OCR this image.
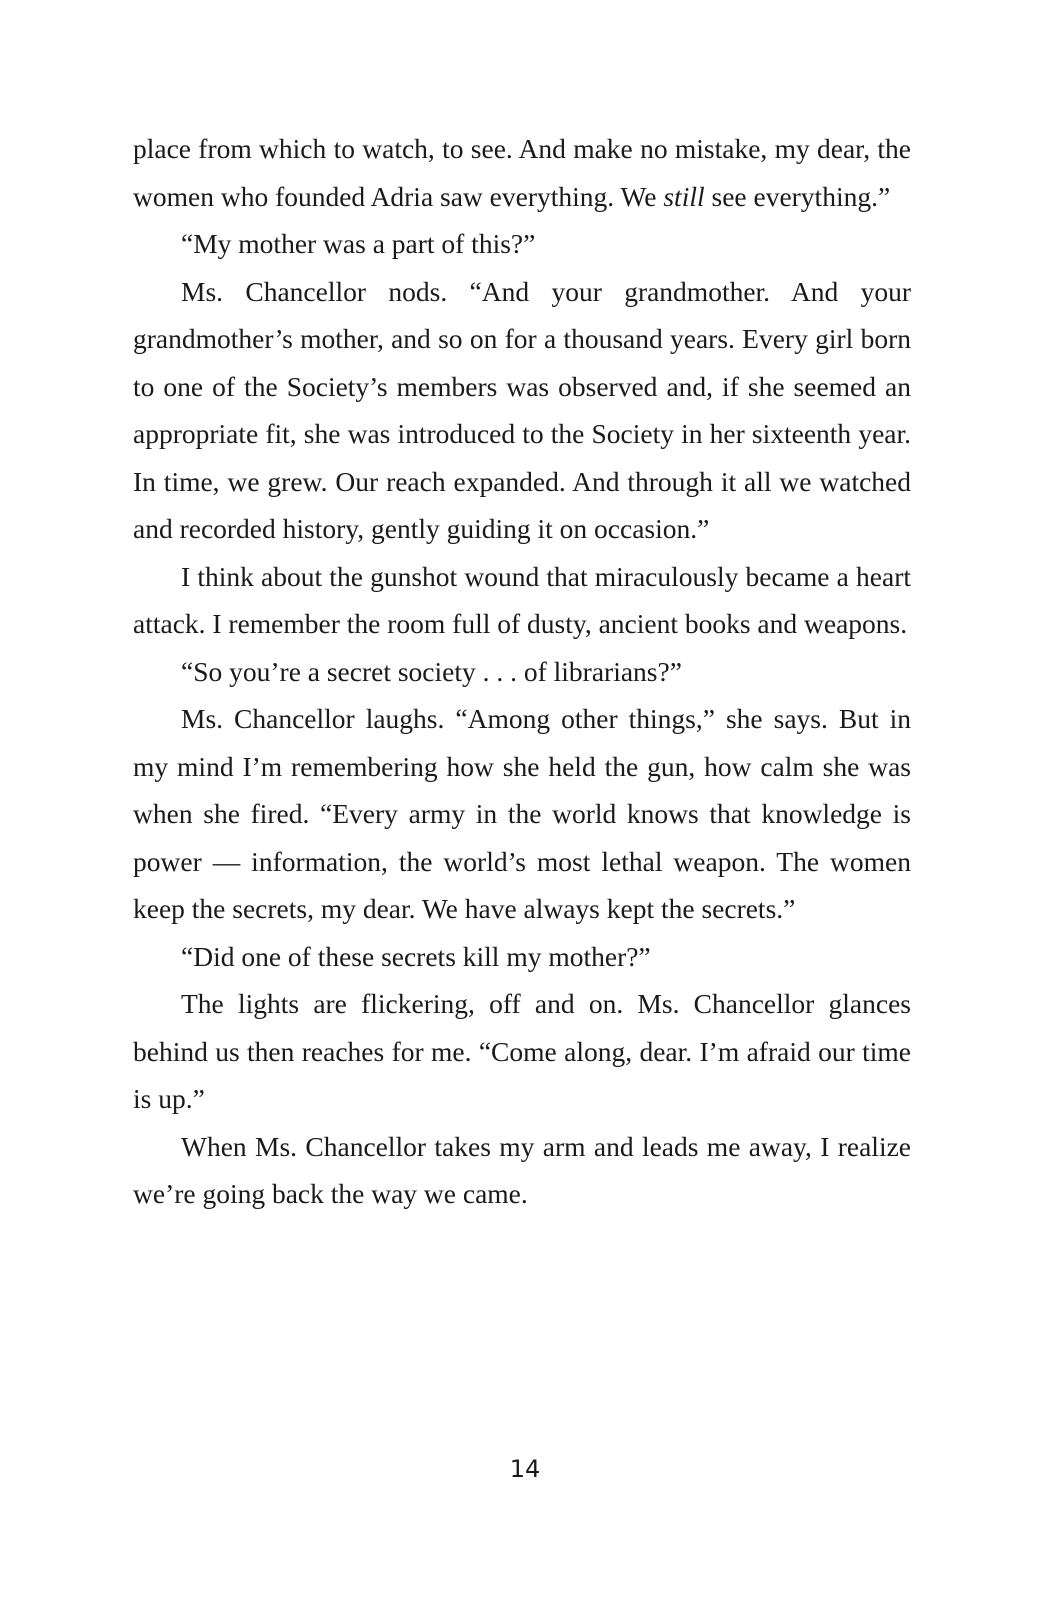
place from which to watch, to see. And make no mistake, my dear, the women who founded Adria saw everything. We still see everything.”

“My mother was a part of this?”

Ms. Chancellor nods. “And your grandmother. And your grandmother’s mother, and so on for a thousand years. Every girl born to one of the Society’s members was observed and, if she seemed an appropriate fit, she was introduced to the Society in her sixteenth year. In time, we grew. Our reach expanded. And through it all we watched and recorded history, gently guiding it on occasion.”

I think about the gunshot wound that miraculously became a heart attack. I remember the room full of dusty, ancient books and weapons.

“So you’re a secret society . . . of librarians?”

Ms. Chancellor laughs. “Among other things,” she says. But in my mind I’m remembering how she held the gun, how calm she was when she fired. “Every army in the world knows that knowledge is power — information, the world’s most lethal weapon. The women keep the secrets, my dear. We have always kept the secrets.”

“Did one of these secrets kill my mother?”

The lights are flickering, off and on. Ms. Chancellor glances behind us then reaches for me. “Come along, dear. I’m afraid our time is up.”

When Ms. Chancellor takes my arm and leads me away, I realize we’re going back the way we came.

14
